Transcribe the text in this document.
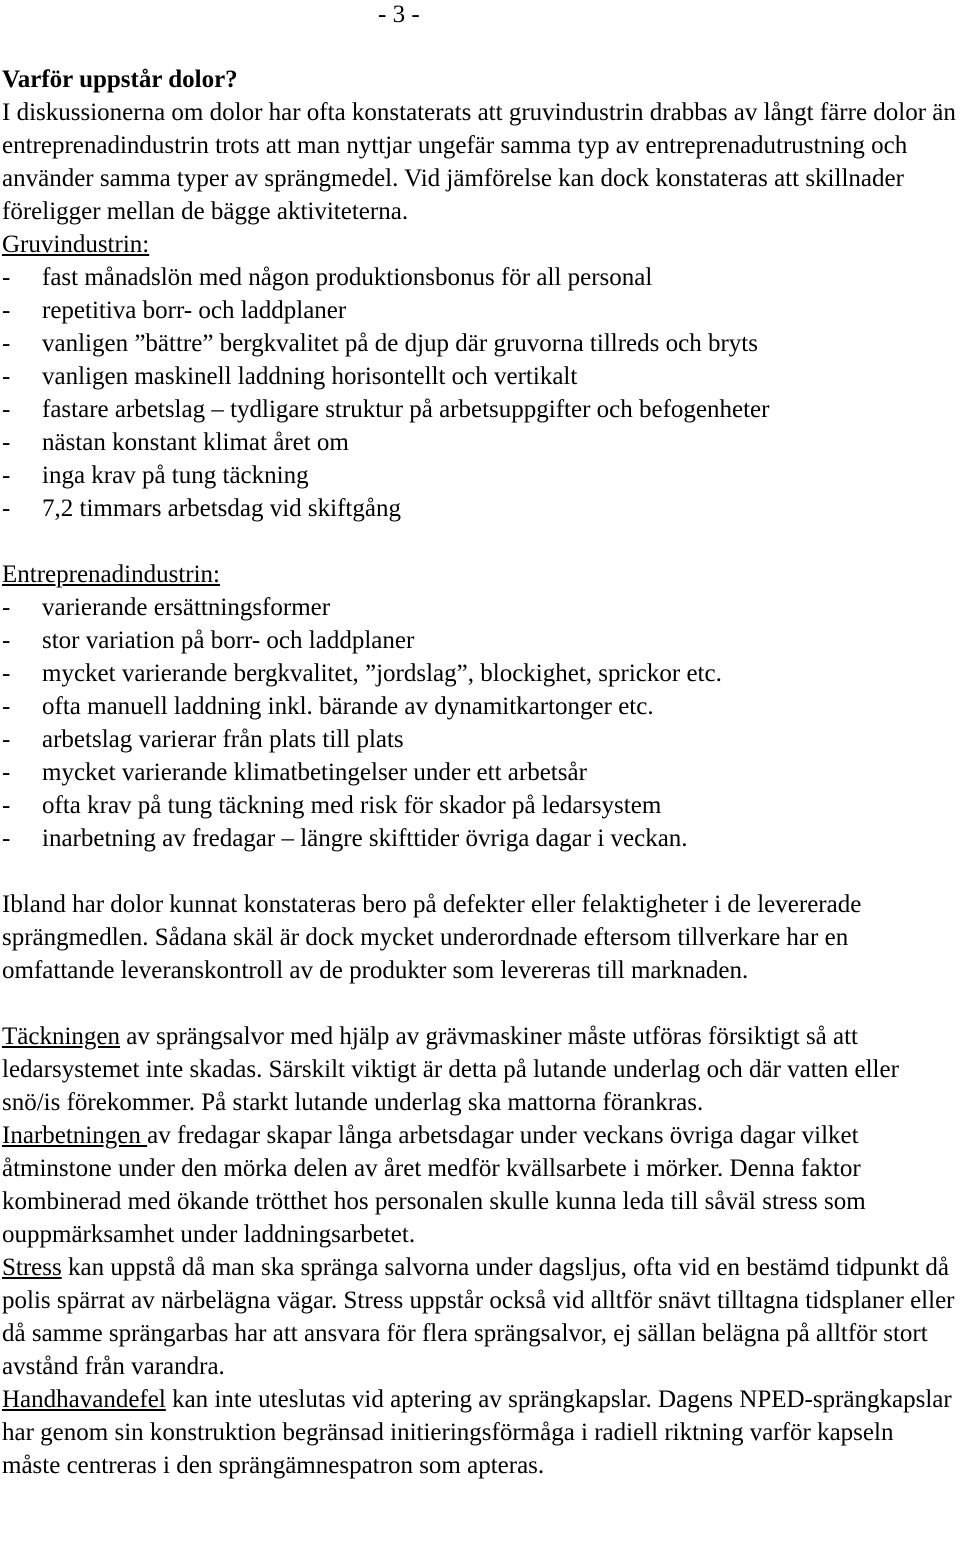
- 3 -

Varför uppstår dolor?

I diskussionerna om dolor har ofta konstaterats att gruvindustrin drabbas av långt färre dolor än entreprenadindustrin trots att man nyttjar ungefär samma typ av entreprenadutrustning och använder samma typer av sprängmedel. Vid jämförelse kan dock konstateras att skillnader föreligger mellan de bägge aktiviteterna.

Gruvindustrin:

- fast månadslön med någon produktionsbonus för all personal
- repetitiva borr- och laddplaner
- vanligen ”bättre” bergkvalitet på de djup där gruvorna tillreds och bryts
- vanligen maskinell laddning horisontellt och vertikalt
- fastare arbetslag – tydligare struktur på arbetsuppgifter och befogenheter
- nästan konstant klimat året om
- inga krav på tung täckning
- 7,2 timmars arbetsdag vid skiftgång

Entreprenadindustrin:

- varierande ersättningsformer
- stor variation på borr- och laddplaner
- mycket varierande bergkvalitet, ”jordslag”, blockighet, sprickor etc.
- ofta manuell laddning inkl. bärande av dynamitkartonger etc.
- arbetslag varierar från plats till plats
- mycket varierande klimatbetingelser under ett arbetsår
- ofta krav på tung täckning med risk för skador på ledarsystem
- inarbetning av fredagar – längre skifttider övriga dagar i veckan.

Ibland har dolor kunnat konstateras bero på defekter eller felaktigheter i de levererade sprängmedlen. Sådana skäl är dock mycket underordnade eftersom tillverkare har en omfattande leveranskontroll av de produkter som levereras till marknaden.

Täckningen av sprängsalvor med hjälp av grävmaskiner måste utföras försiktigt så att ledarsystemet inte skadas. Särskilt viktigt är detta på lutande underlag och där vatten eller snö/is förekommer. På starkt lutande underlag ska mattorna förankras.

Inarbetningen av fredagar skapar långa arbetsdagar under veckans övriga dagar vilket åtminstone under den mörka delen av året medför kvällsarbete i mörker. Denna faktor kombinerad med ökande trötthet hos personalen skulle kunna leda till såväl stress som ouppmärksamhet under laddningsarbetet.

Stress kan uppstå då man ska spränga salvorna under dagsljus, ofta vid en bestämd tidpunkt då polis spärrat av närbelägna vägar. Stress uppstår också vid alltför snävt tilltagna tidsplaner eller då samme sprängarbas har att ansvara för flera sprängsalvor, ej sällan belägna på alltför stort avstånd från varandra.

Handhavandefel kan inte uteslutas vid aptering av sprängkapslar. Dagens NPED-sprängkapslar har genom sin konstruktion begränsad initieringsförmåga i radiell riktning varför kapseln måste centreras i den sprängämnespatron som apteras.
